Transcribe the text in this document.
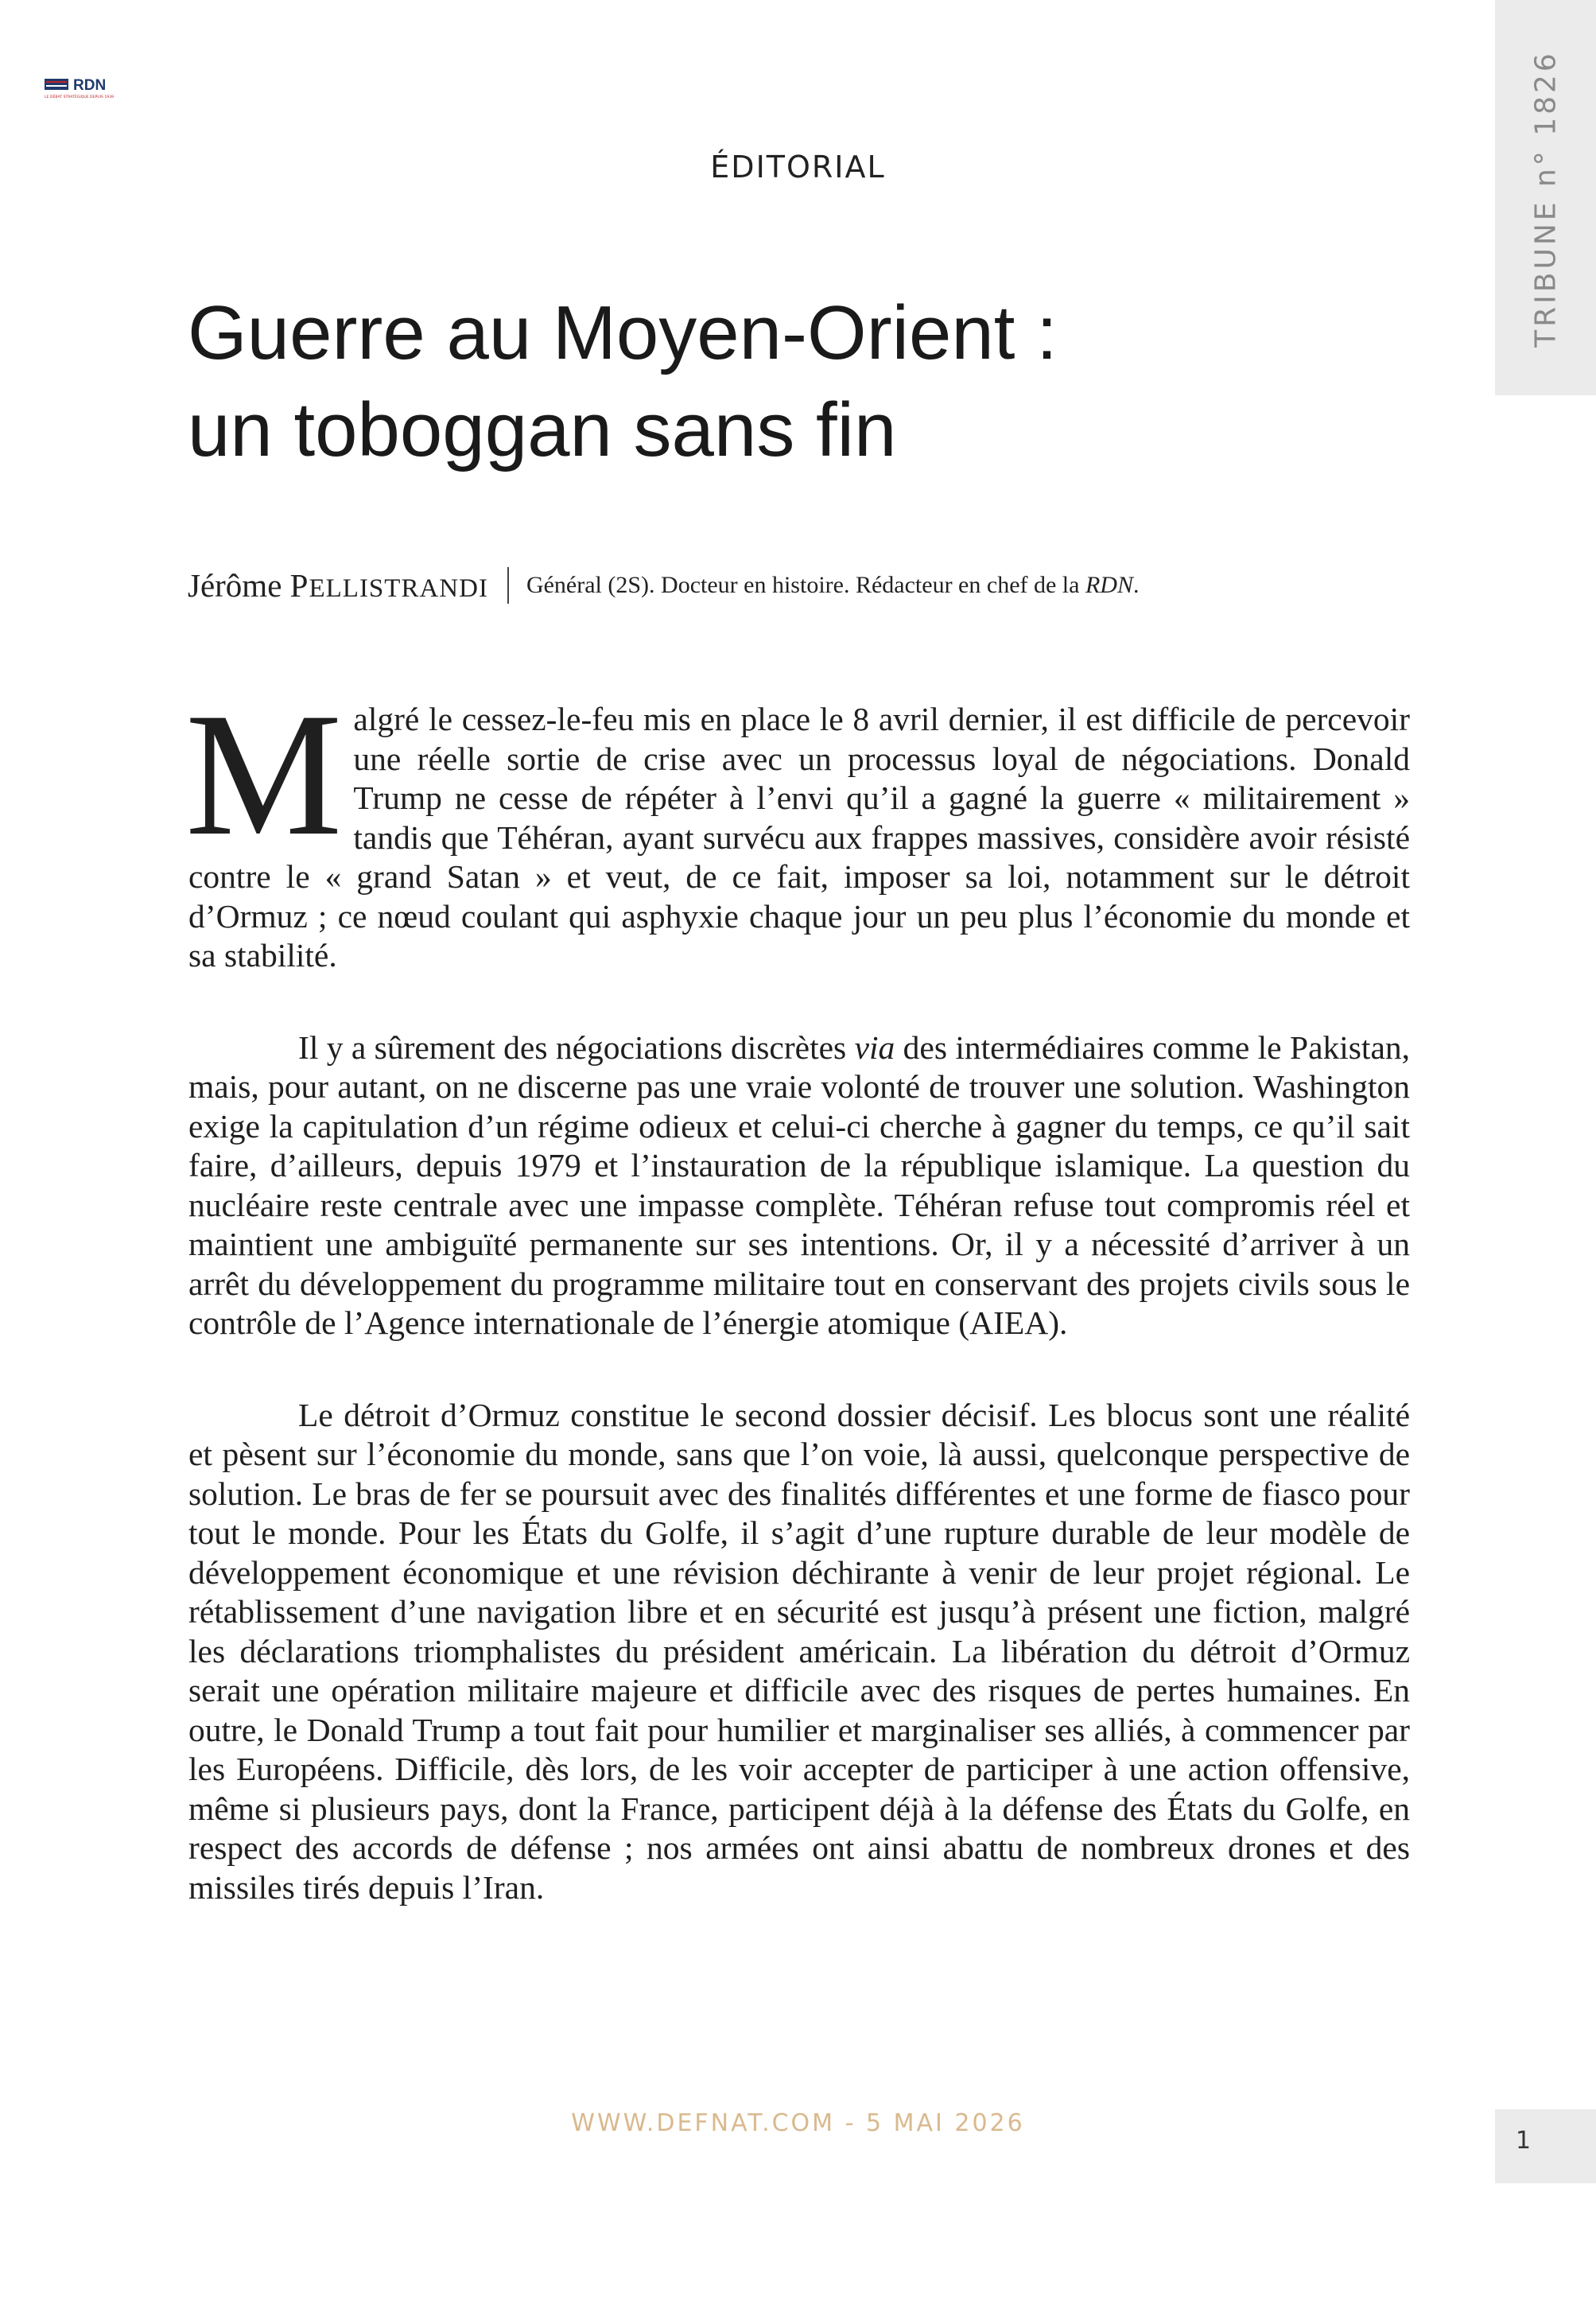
RDN
LE DÉBAT STRATÉGIQUE DEPUIS 1939	TRIBUNE n° 1826
ÉDITORIAL
Guerre au Moyen-Orient :
un toboggan sans fin
Jérôme PELLISTRANDI Général (2S). Docteur en histoire. Rédacteur en chef de la RDN.

Malgré le cessez-le-feu mis en place le 8 avril dernier, il est difficile de percevoir une réelle sortie de crise avec un processus loyal de négociations. Donald Trump ne cesse de répéter à l’envi qu’il a gagné la guerre « militairement » tandis que Téhéran, ayant survécu aux frappes massives, considère avoir résisté contre le « grand Satan » et veut, de ce fait, imposer sa loi, notamment sur le détroit d’Ormuz ; ce nœud coulant qui asphyxie chaque jour un peu plus l’économie du monde et sa stabilité.

Il y a sûrement des négociations discrètes via des intermédiaires comme le Pakistan, mais, pour autant, on ne discerne pas une vraie volonté de trouver une solution. Washington exige la capitulation d’un régime odieux et celui-ci cherche à gagner du temps, ce qu’il sait faire, d’ailleurs, depuis 1979 et l’instauration de la république islamique. La question du nucléaire reste centrale avec une impasse complète. Téhéran refuse tout compromis réel et maintient une ambiguïté permanente sur ses intentions. Or, il y a nécessité d’arriver à un arrêt du développement du programme militaire tout en conservant des projets civils sous le contrôle de l’Agence internationale de l’énergie atomique (AIEA).

Le détroit d’Ormuz constitue le second dossier décisif. Les blocus sont une réalité et pèsent sur l’économie du monde, sans que l’on voie, là aussi, quelconque perspective de solution. Le bras de fer se poursuit avec des finalités différentes et une forme de fiasco pour tout le monde. Pour les États du Golfe, il s’agit d’une rupture durable de leur modèle de développement économique et une révision déchirante à venir de leur projet régional. Le rétablissement d’une navigation libre et en sécurité est jusqu’à présent une fiction, malgré les déclarations triomphalistes du président américain. La libération du détroit d’Ormuz serait une opération militaire majeure et difficile avec des risques de pertes humaines. En outre, le Donald Trump a tout fait pour humilier et marginaliser ses alliés, à commencer par les Européens. Difficile, dès lors, de les voir accepter de participer à une action offensive, même si plusieurs pays, dont la France, participent déjà à la défense des États du Golfe, en respect des accords de défense ; nos armées ont ainsi abattu de nombreux drones et des missiles tirés depuis l’Iran.

WWW.DEFNAT.COM - 5 MAI 2026
1
